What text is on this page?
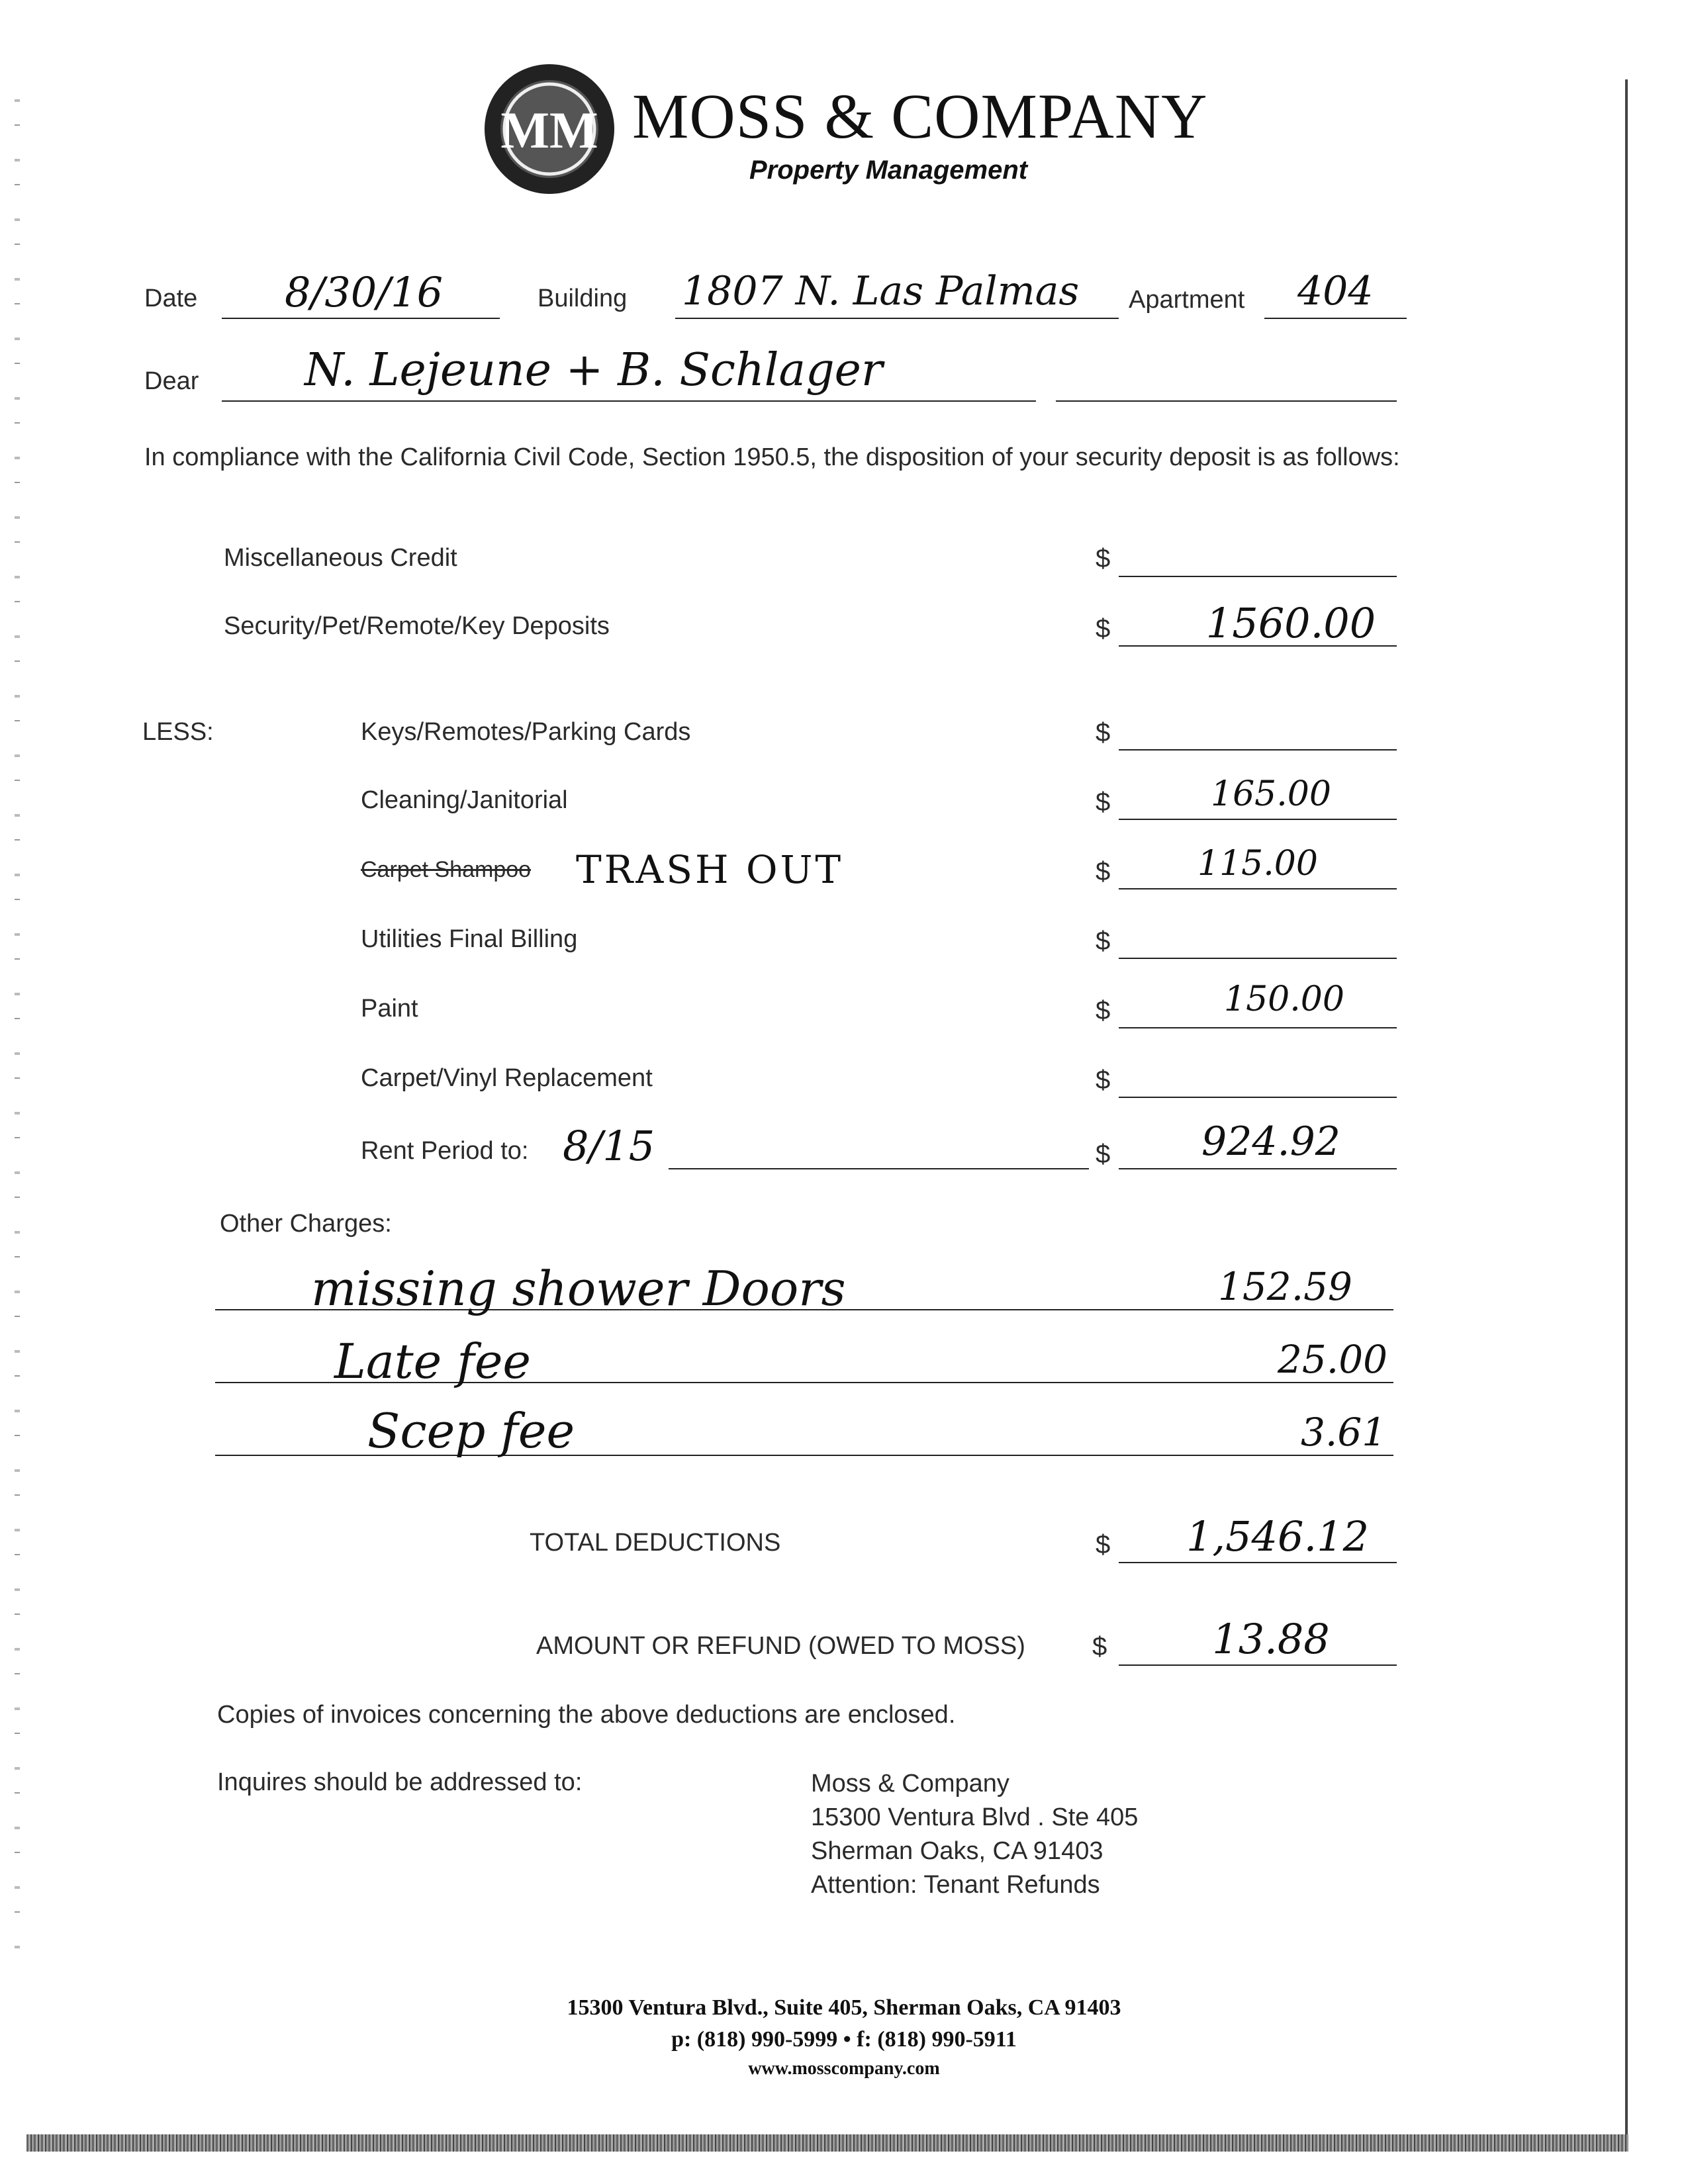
MM MOSS & COMPANY
Property Management
Date 8/30/16	Building 1807 N. Las Palmas Apartment 404
Dear N. Lejeune + B. Schlager
In compliance with the California Civil Code, Section 1950.5, the disposition of your security deposit is as follows:
Miscellaneous Credit	$
Security/Pet/Remote/Key Deposits	$	1560.00
LESS:	Keys/Remotes/Parking Cards	$
Cleaning/Janitorial	$	165.00
Carpet Shampoo TRASH OUT	$	115.00
Utilities Final Billing	$
Paint	$	150.00
Carpet/Vinyl Replacement	$
Rent Period to: 8/15	$	924.92
Other Charges:
missing shower Doors	152.59
Late fee	25.00
Scep fee	3.61
TOTAL DEDUCTIONS	$	1,546.12
AMOUNT OR REFUND (OWED TO MOSS)	$	13.88
Copies of invoices concerning the above deductions are enclosed.
Inquires should be addressed to:	Moss & Company
15300 Ventura Blvd . Ste 405
Sherman Oaks, CA 91403
Attention: Tenant Refunds
15300 Ventura Blvd., Suite 405, Sherman Oaks, CA 91403
p: (818) 990-5999 • f: (818) 990-5911
www.mosscompany.com
